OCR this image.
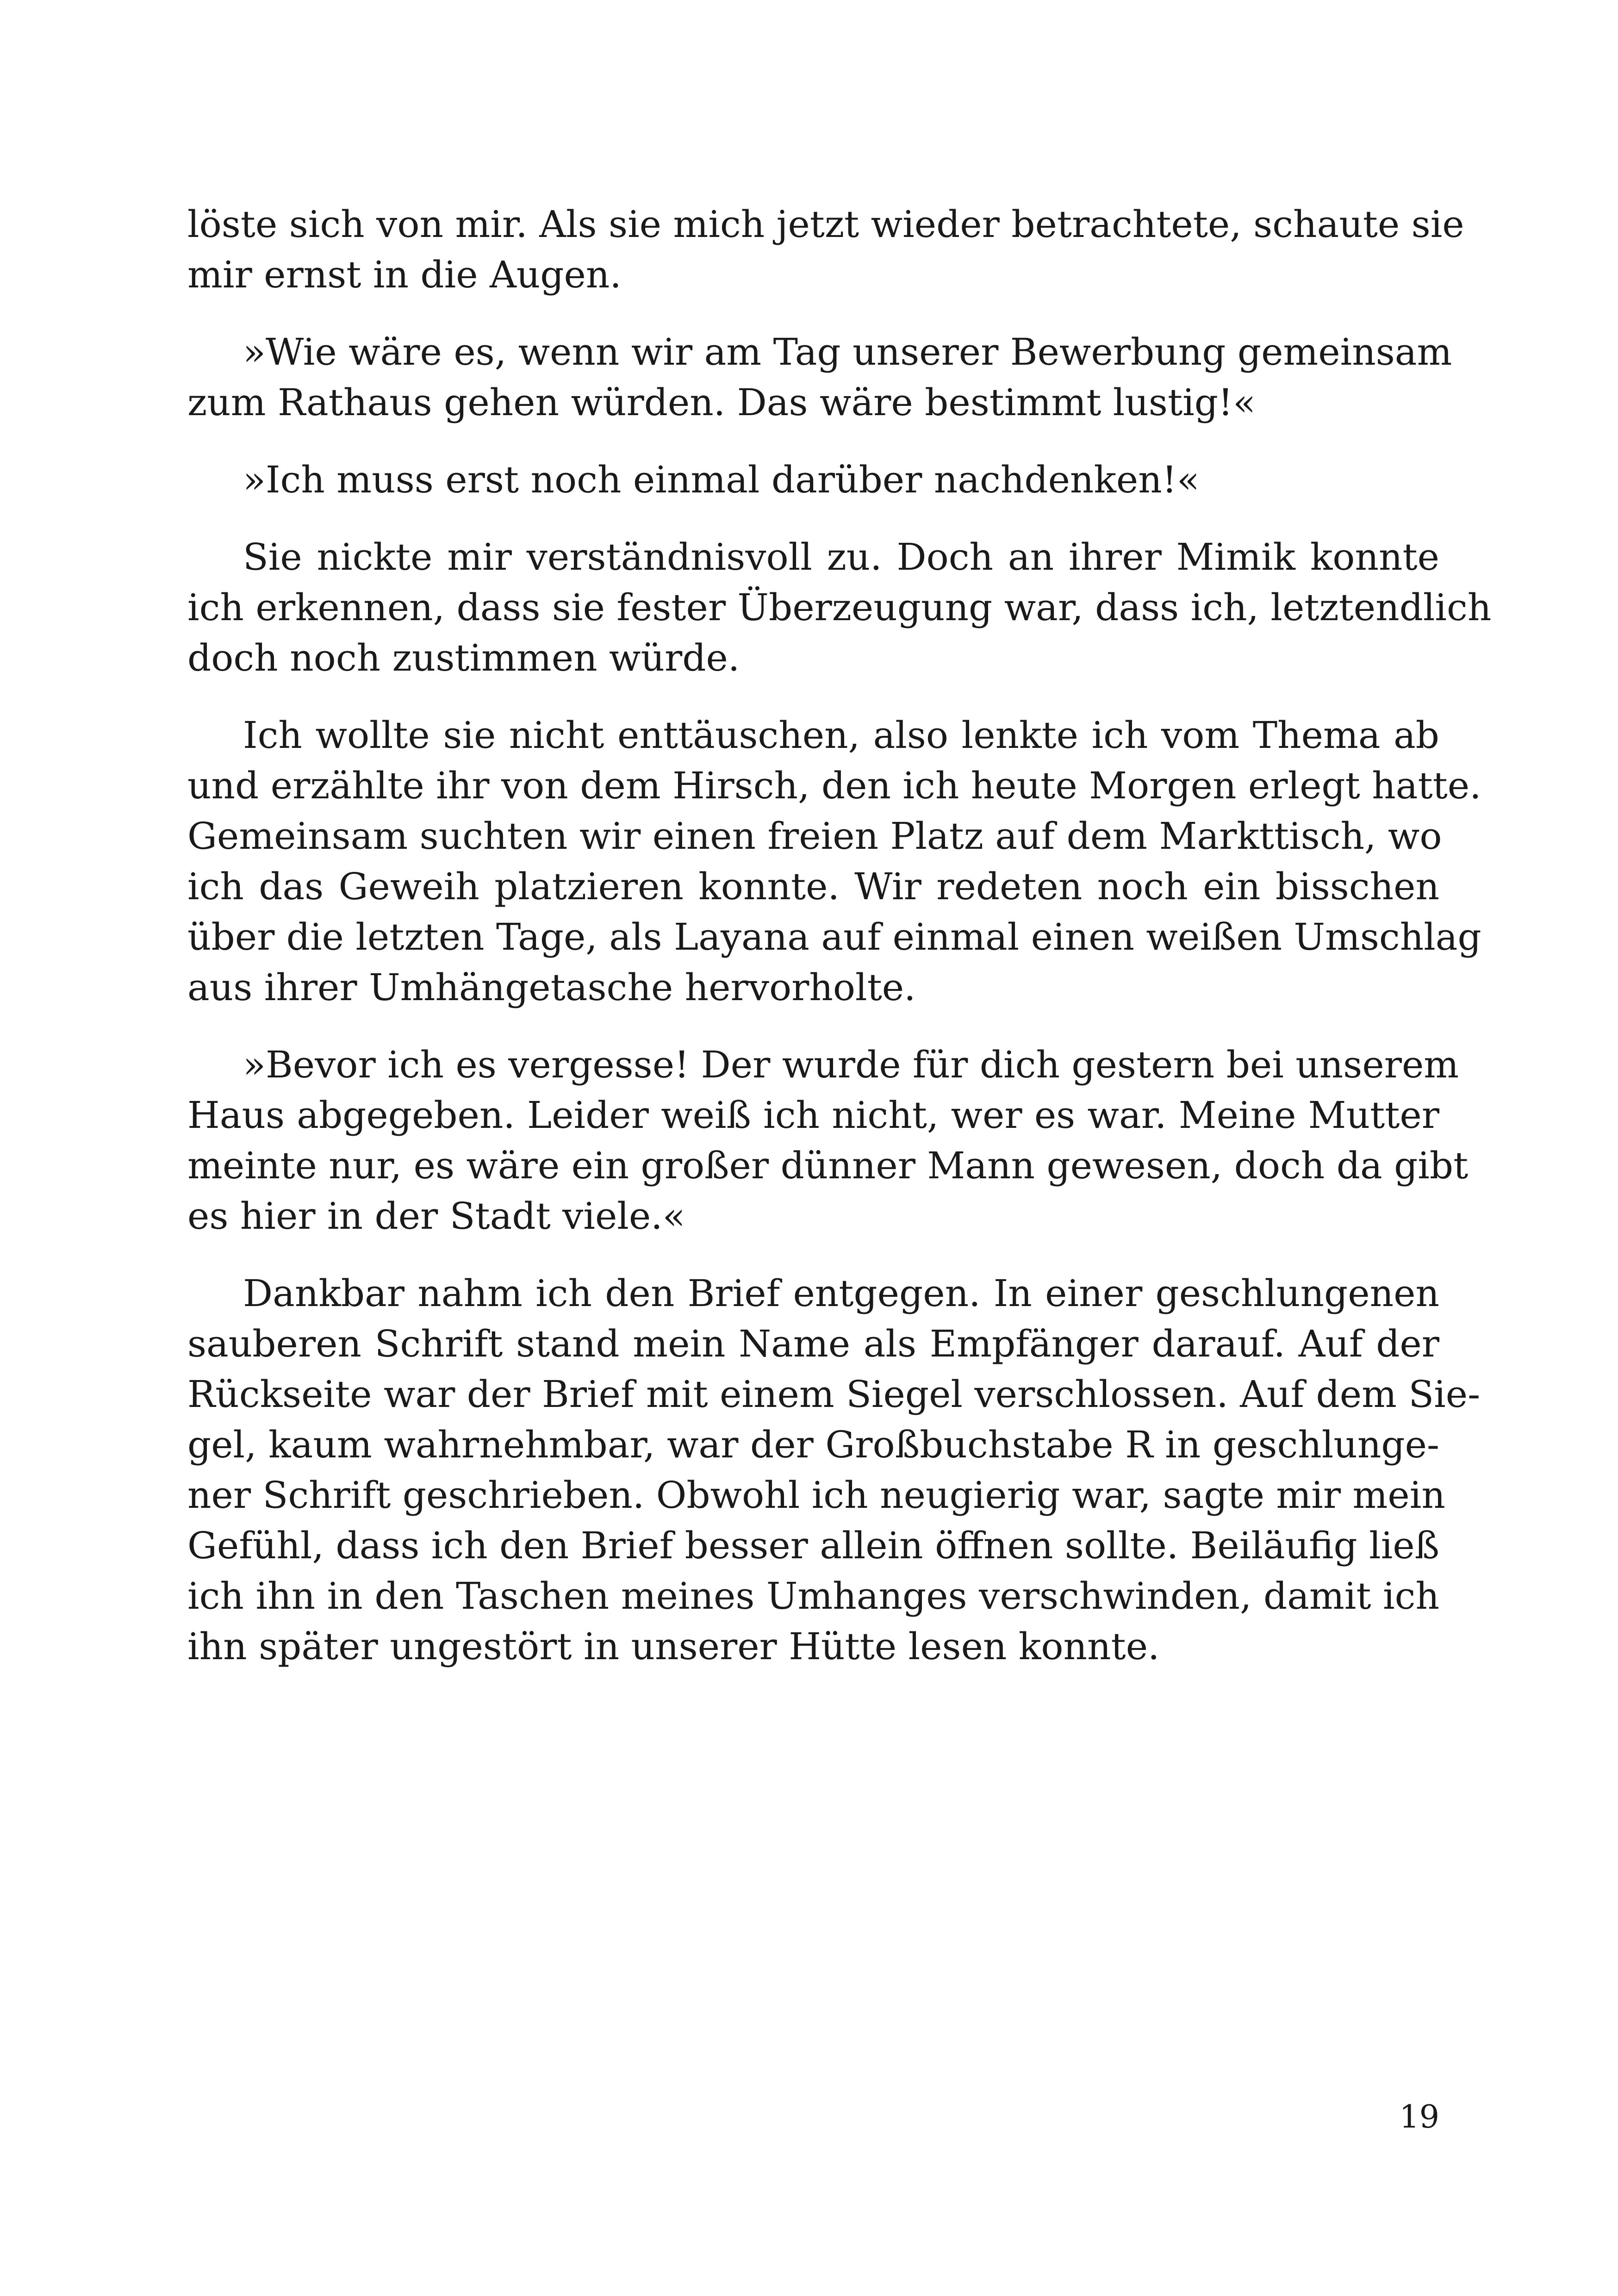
löste sich von mir. Als sie mich jetzt wieder betrachtete, schaute sie
mir ernst in die Augen.

»Wie wäre es, wenn wir am Tag unserer Bewerbung gemeinsam
zum Rathaus gehen würden. Das wäre bestimmt lustig!«

»Ich muss erst noch einmal darüber nachdenken!«

Sie nickte mir verständnisvoll zu. Doch an ihrer Mimik konnte
ich erkennen, dass sie fester Überzeugung war, dass ich, letztendlich
doch noch zustimmen würde.

Ich wollte sie nicht enttäuschen, also lenkte ich vom Thema ab
und erzählte ihr von dem Hirsch, den ich heute Morgen erlegt hatte.
Gemeinsam suchten wir einen freien Platz auf dem Markttisch, wo
ich das Geweih platzieren konnte. Wir redeten noch ein bisschen
über die letzten Tage, als Layana auf einmal einen weißen Umschlag
aus ihrer Umhängetasche hervorholte.

»Bevor ich es vergesse! Der wurde für dich gestern bei unserem
Haus abgegeben. Leider weiß ich nicht, wer es war. Meine Mutter
meinte nur, es wäre ein großer dünner Mann gewesen, doch da gibt
es hier in der Stadt viele.«

Dankbar nahm ich den Brief entgegen. In einer geschlungenen
sauberen Schrift stand mein Name als Empfänger darauf. Auf der
Rückseite war der Brief mit einem Siegel verschlossen. Auf dem Sie-
gel, kaum wahrnehmbar, war der Großbuchstabe R in geschlunge-
ner Schrift geschrieben. Obwohl ich neugierig war, sagte mir mein
Gefühl, dass ich den Brief besser allein öffnen sollte. Beiläufig ließ
ich ihn in den Taschen meines Umhanges verschwinden, damit ich
ihn später ungestört in unserer Hütte lesen konnte.

19
